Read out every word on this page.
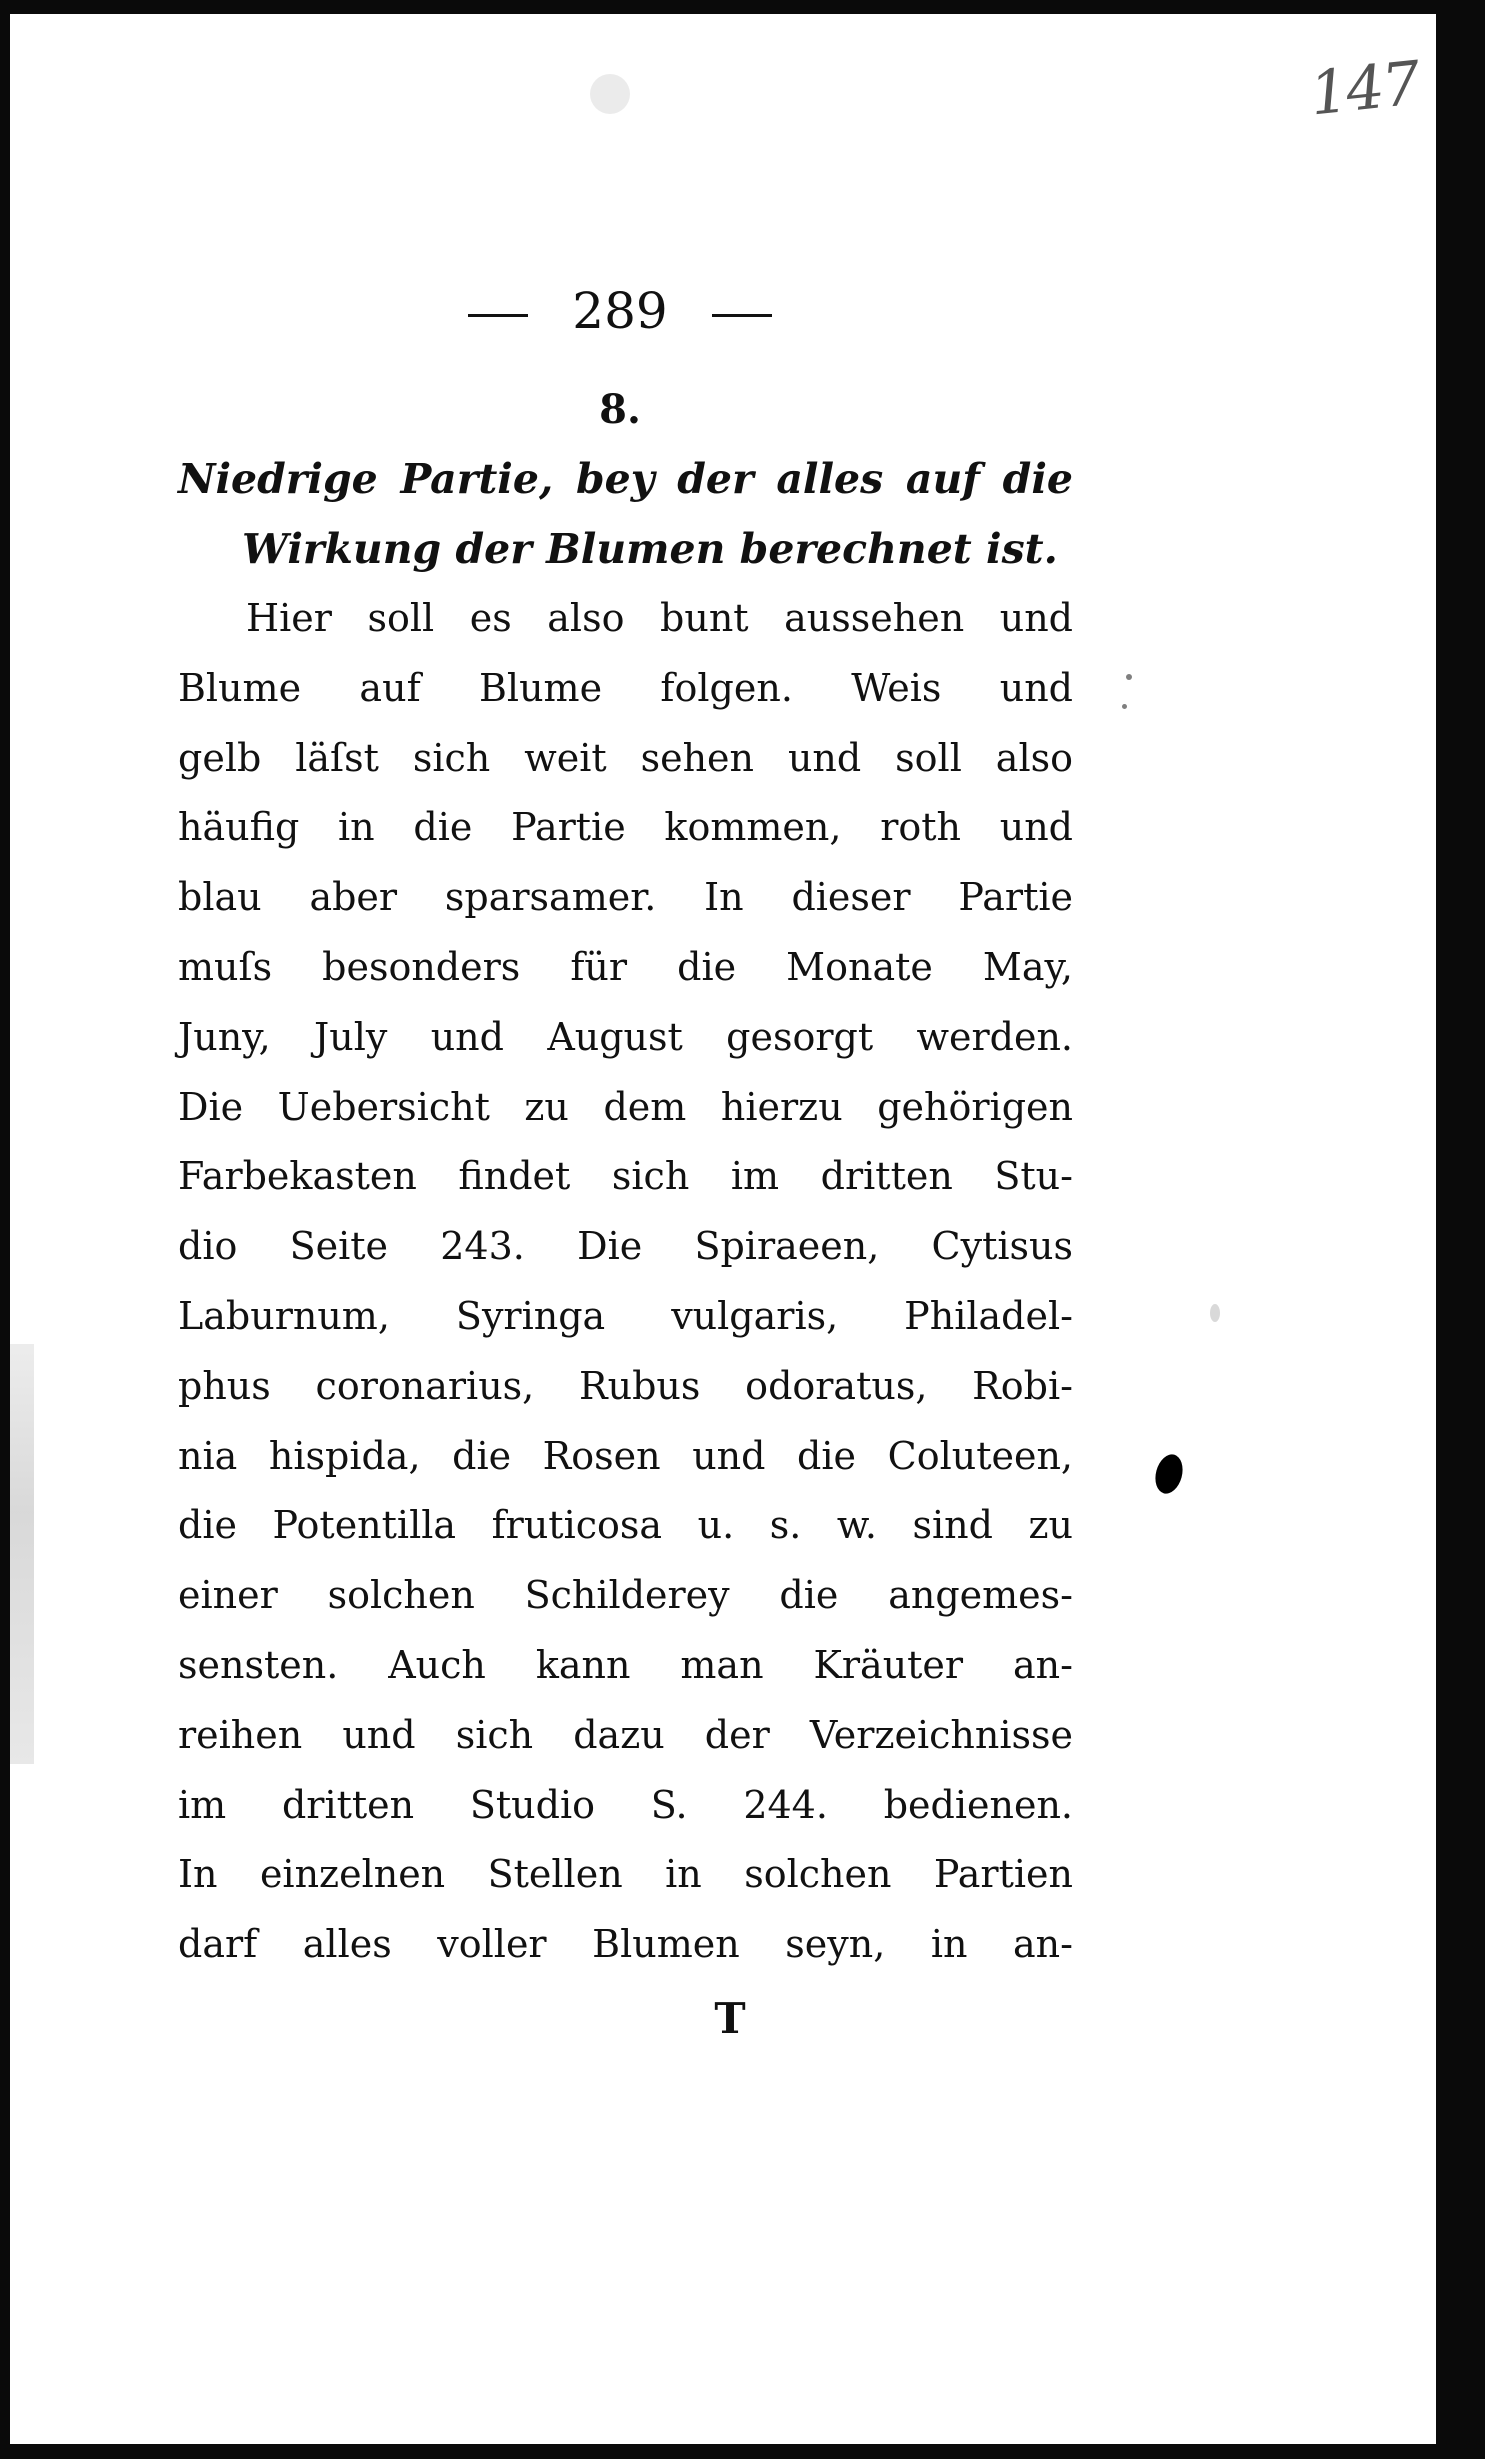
147
289
8.
Niedrige Partie, bey der alles auf die
Wirkung der Blumen berechnet ist.
Hier soll es also bunt aussehen und
Blume auf Blume folgen. Weis und
gelb läſst sich weit sehen und soll also
häufig in die Partie kommen, roth und
blau aber sparsamer. In dieser Partie
muſs besonders für die Monate May,
Juny, July und August gesorgt werden.
Die Uebersicht zu dem hierzu gehörigen
Farbekasten findet sich im dritten Stu-
dio Seite 243. Die Spiraeen, Cytisus
Laburnum, Syringa vulgaris, Philadel-
phus coronarius, Rubus odoratus, Robi-
nia hispida, die Rosen und die Coluteen,
die Potentilla fruticosa u. s. w. sind zu
einer solchen Schilderey die angemes-
sensten. Auch kann man Kräuter an-
reihen und sich dazu der Verzeichnisse
im dritten Studio S. 244. bedienen.
In einzelnen Stellen in solchen Partien
darf alles voller Blumen seyn, in an-
T
